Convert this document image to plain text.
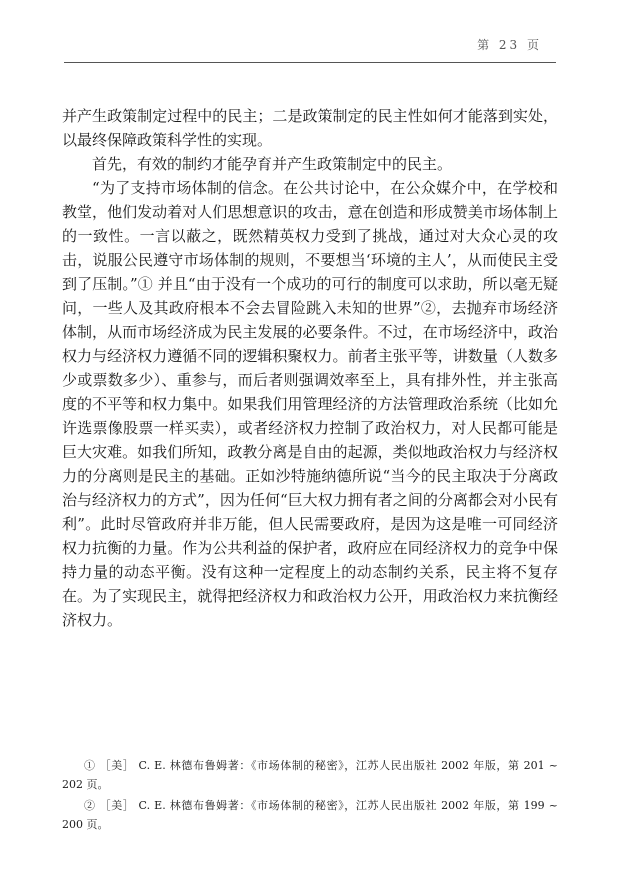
第 23 页

并产生政策制定过程中的民主；二是政策制定的民主性如何才能落到实处，以最终保障政策科学性的实现。

首先，有效的制约才能孕育并产生政策制定中的民主。

“为了支持市场体制的信念。在公共讨论中，在公众媒介中，在学校和教堂，他们发动着对人们思想意识的攻击，意在创造和形成赞美市场体制上的一致性。一言以蔽之，既然精英权力受到了挑战，通过对大众心灵的攻击，说服公民遵守市场体制的规则，不要想当‘环境的主人’，从而使民主受到了压制。”① 并且“由于没有一个成功的可行的制度可以求助，所以毫无疑问，一些人及其政府根本不会去冒险跳入未知的世界”②，去抛弃市场经济体制，从而市场经济成为民主发展的必要条件。不过，在市场经济中，政治权力与经济权力遵循不同的逻辑积聚权力。前者主张平等，讲数量（人数多少或票数多少）、重参与，而后者则强调效率至上，具有排外性，并主张高度的不平等和权力集中。如果我们用管理经济的方法管理政治系统（比如允许选票像股票一样买卖），或者经济权力控制了政治权力，对人民都可能是巨大灾难。如我们所知，政教分离是自由的起源，类似地政治权力与经济权力的分离则是民主的基础。正如沙特施纳德所说“当今的民主取决于分离政治与经济权力的方式”，因为任何“巨大权力拥有者之间的分离都会对小民有利”。此时尽管政府并非万能，但人民需要政府，是因为这是唯一可同经济权力抗衡的力量。作为公共利益的保护者，政府应在同经济权力的竞争中保持力量的动态平衡。没有这种一定程度上的动态制约关系，民主将不复存在。为了实现民主，就得把经济权力和政治权力公开，用政治权力来抗衡经济权力。

① ［美］ C. E. 林德布鲁姆著：《市场体制的秘密》，江苏人民出版社 2002 年版，第 201 ~ 202 页。

② ［美］ C. E. 林德布鲁姆著：《市场体制的秘密》，江苏人民出版社 2002 年版，第 199 ~ 200 页。
